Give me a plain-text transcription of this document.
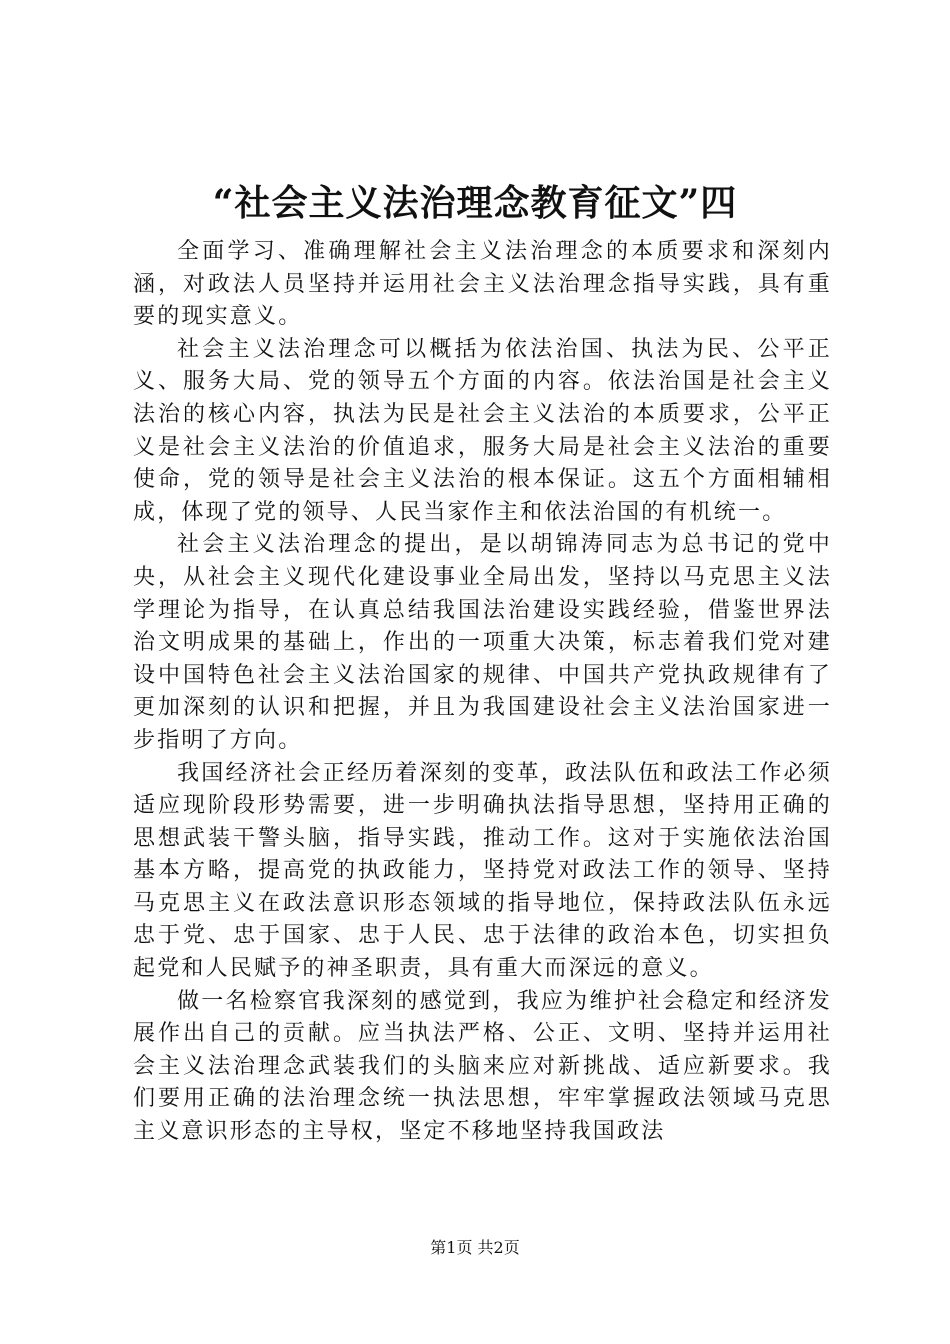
“社会主义法治理念教育征文”四

全面学习、准确理解社会主义法治理念的本质要求和深刻内涵，对政法人员坚持并运用社会主义法治理念指导实践，具有重要的现实意义。

社会主义法治理念可以概括为依法治国、执法为民、公平正义、服务大局、党的领导五个方面的内容。依法治国是社会主义法治的核心内容，执法为民是社会主义法治的本质要求，公平正义是社会主义法治的价值追求，服务大局是社会主义法治的重要使命，党的领导是社会主义法治的根本保证。这五个方面相辅相成，体现了党的领导、人民当家作主和依法治国的有机统一。

社会主义法治理念的提出，是以胡锦涛同志为总书记的党中央，从社会主义现代化建设事业全局出发，坚持以马克思主义法学理论为指导，在认真总结我国法治建设实践经验，借鉴世界法治文明成果的基础上，作出的一项重大决策，标志着我们党对建设中国特色社会主义法治国家的规律、中国共产党执政规律有了更加深刻的认识和把握，并且为我国建设社会主义法治国家进一步指明了方向。

我国经济社会正经历着深刻的变革，政法队伍和政法工作必须适应现阶段形势需要，进一步明确执法指导思想，坚持用正确的思想武装干警头脑，指导实践，推动工作。这对于实施依法治国基本方略，提高党的执政能力，坚持党对政法工作的领导、坚持马克思主义在政法意识形态领域的指导地位，保持政法队伍永远忠于党、忠于国家、忠于人民、忠于法律的政治本色，切实担负起党和人民赋予的神圣职责，具有重大而深远的意义。

做一名检察官我深刻的感觉到，我应为维护社会稳定和经济发展作出自己的贡献。应当执法严格、公正、文明、坚持并运用社会主义法治理念武装我们的头脑来应对新挑战、适应新要求。我们要用正确的法治理念统一执法思想，牢牢掌握政法领域马克思主义意识形态的主导权，坚定不移地坚持我国政法

第1页 共2页
